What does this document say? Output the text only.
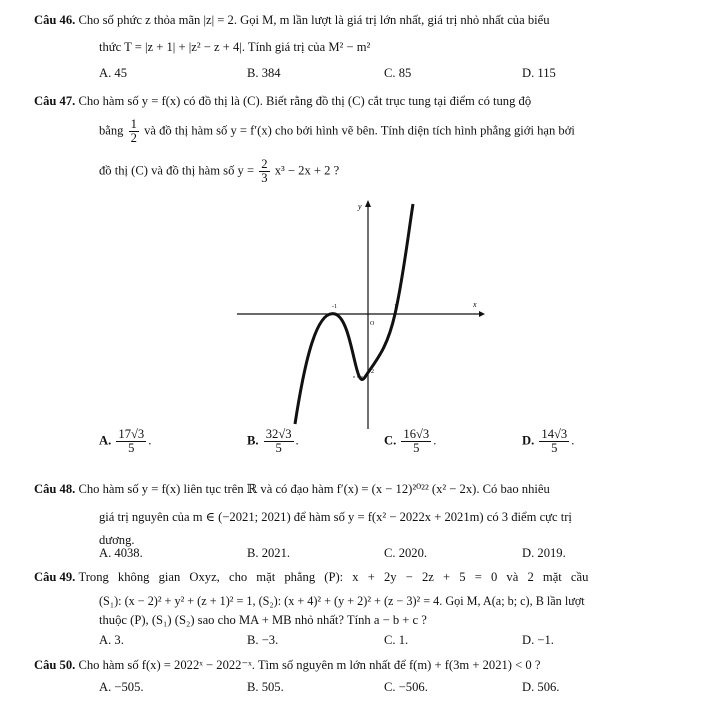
Câu 46. Cho số phức z thỏa mãn |z| = 2. Gọi M, m lần lượt là giá trị lớn nhất, giá trị nhỏ nhất của biểu
thức T = |z + 1| + |z² − z + 4|. Tính giá trị của M² − m²
A. 45	B. 384	C. 85	D. 115
Câu 47. Cho hàm số y = f(x) có đồ thị là (C). Biết rằng đồ thị (C) cắt trục tung tại điểm có tung độ
bằng $\frac{1}{2}$ và đồ thị hàm số y = f′(x) cho bởi hình vẽ bên. Tính diện tích hình phẳng giới hạn bởi
đồ thị (C) và đồ thị hàm số $y = \frac{2}{3} x^3 - 2x + 2$ ?
y
x
O
1
-1
-2
A. $\frac{17√3}{5}$ .	B. $\frac{32√3}{5}$ .	C. $\frac{16√3}{5}$ .	D. $\frac{14√3}{5}$ .
Câu 48. Cho hàm số y = f(x) liên tục trên ℝ và có đạo hàm f′(x) = (x − 12)²⁰²² (x² − 2x). Có bao nhiêu
giá trị nguyên của m ∈ (−2021; 2021) để hàm số y = f(x² − 2022x + 2021m) có 3 điểm cực trị
dương.
A. 4038.	B. 2021.	C. 2020.	D. 2019.
Câu 49. Trong không gian Oxyz, cho mặt phẳng (P): x + 2y − 2z + 5 = 0 và 2 mặt cầu
(S₁): (x − 2)² + y² + (z + 1)² = 1, (S₂): (x + 4)² + (y + 2)² + (z − 3)² = 4. Gọi M, A(a; b; c), B lần lượt
thuộc (P), (S₁) (S₂) sao cho MA + MB nhỏ nhất? Tính a − b + c ?
A. 3.	B. −3.	C. 1.	D. −1.
Câu 50. Cho hàm số f(x) = 2022ˣ − 2022⁻ˣ. Tìm số nguyên m lớn nhất để f(m) + f(3m + 2021) < 0 ?
A. −505.	B. 505.	C. −506.	D. 506.
